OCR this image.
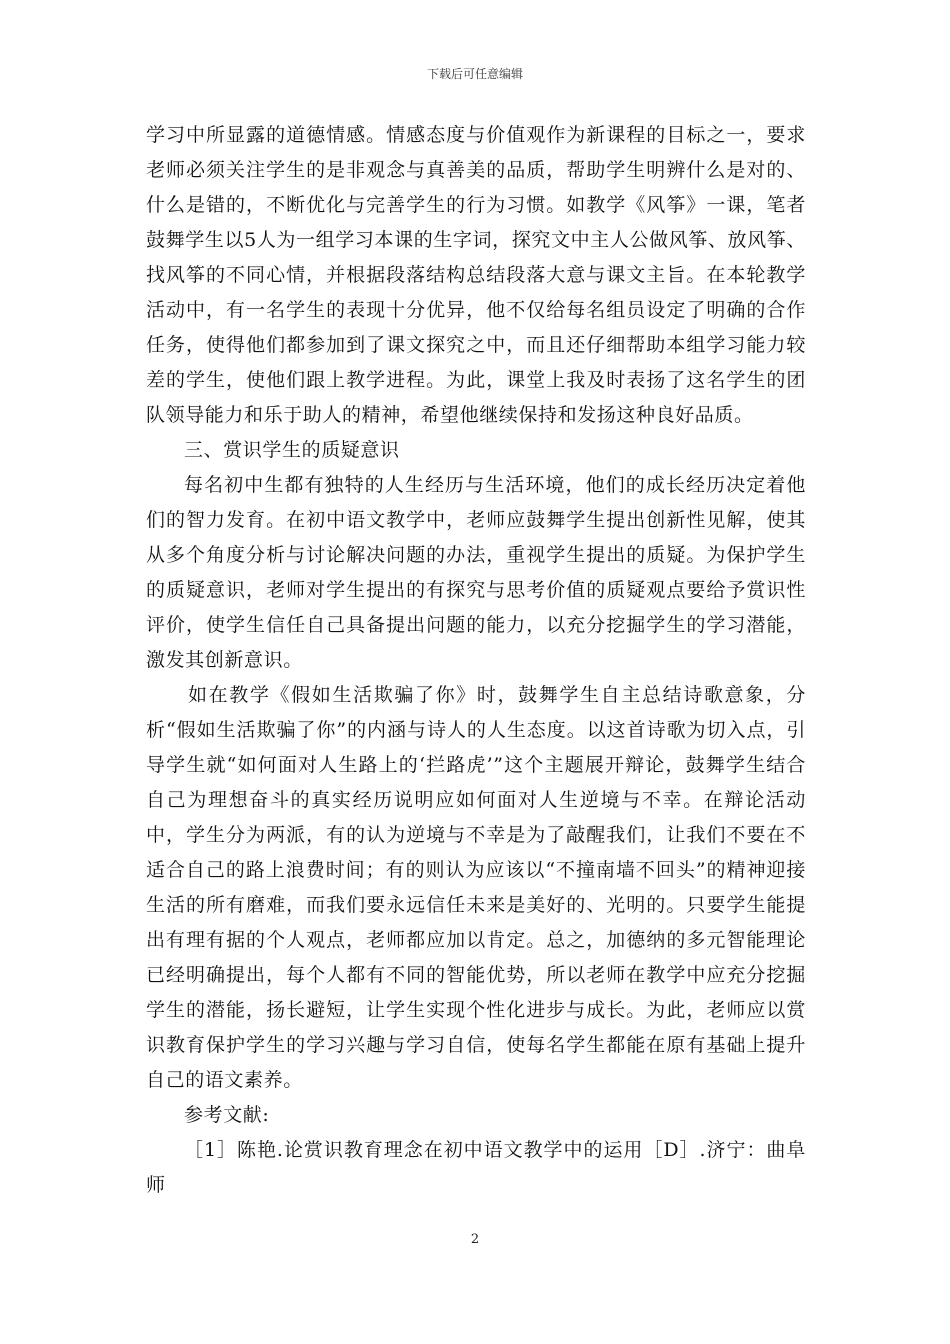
下载后可任意编辑

学习中所显露的道德情感。情感态度与价值观作为新课程的目标之一，要求老师必须关注学生的是非观念与真善美的品质，帮助学生明辨什么是对的、什么是错的，不断优化与完善学生的行为习惯。如教学《风筝》一课，笔者鼓舞学生以5人为一组学习本课的生字词，探究文中主人公做风筝、放风筝、找风筝的不同心情，并根据段落结构总结段落大意与课文主旨。在本轮教学活动中，有一名学生的表现十分优异，他不仅给每名组员设定了明确的合作任务，使得他们都参加到了课文探究之中，而且还仔细帮助本组学习能力较差的学生，使他们跟上教学进程。为此，课堂上我及时表扬了这名学生的团队领导能力和乐于助人的精神，希望他继续保持和发扬这种良好品质。

三、赏识学生的质疑意识

每名初中生都有独特的人生经历与生活环境，他们的成长经历决定着他们的智力发育。在初中语文教学中，老师应鼓舞学生提出创新性见解，使其从多个角度分析与讨论解决问题的办法，重视学生提出的质疑。为保护学生的质疑意识，老师对学生提出的有探究与思考价值的质疑观点要给予赏识性评价，使学生信任自己具备提出问题的能力，以充分挖掘学生的学习潜能，激发其创新意识。

如在教学《假如生活欺骗了你》时，鼓舞学生自主总结诗歌意象，分析“假如生活欺骗了你”的内涵与诗人的人生态度。以这首诗歌为切入点，引导学生就“如何面对人生路上的‘拦路虎’”这个主题展开辩论，鼓舞学生结合自己为理想奋斗的真实经历说明应如何面对人生逆境与不幸。在辩论活动中，学生分为两派，有的认为逆境与不幸是为了敲醒我们，让我们不要在不适合自己的路上浪费时间；有的则认为应该以“不撞南墙不回头”的精神迎接生活的所有磨难，而我们要永远信任未来是美好的、光明的。只要学生能提出有理有据的个人观点，老师都应加以肯定。总之，加德纳的多元智能理论已经明确提出，每个人都有不同的智能优势，所以老师在教学中应充分挖掘学生的潜能，扬长避短，让学生实现个性化进步与成长。为此，老师应以赏识教育保护学生的学习兴趣与学习自信，使每名学生都能在原有基础上提升自己的语文素养。

参考文献:

［1］陈艳.论赏识教育理念在初中语文教学中的运用［D］.济宁：曲阜师

2
